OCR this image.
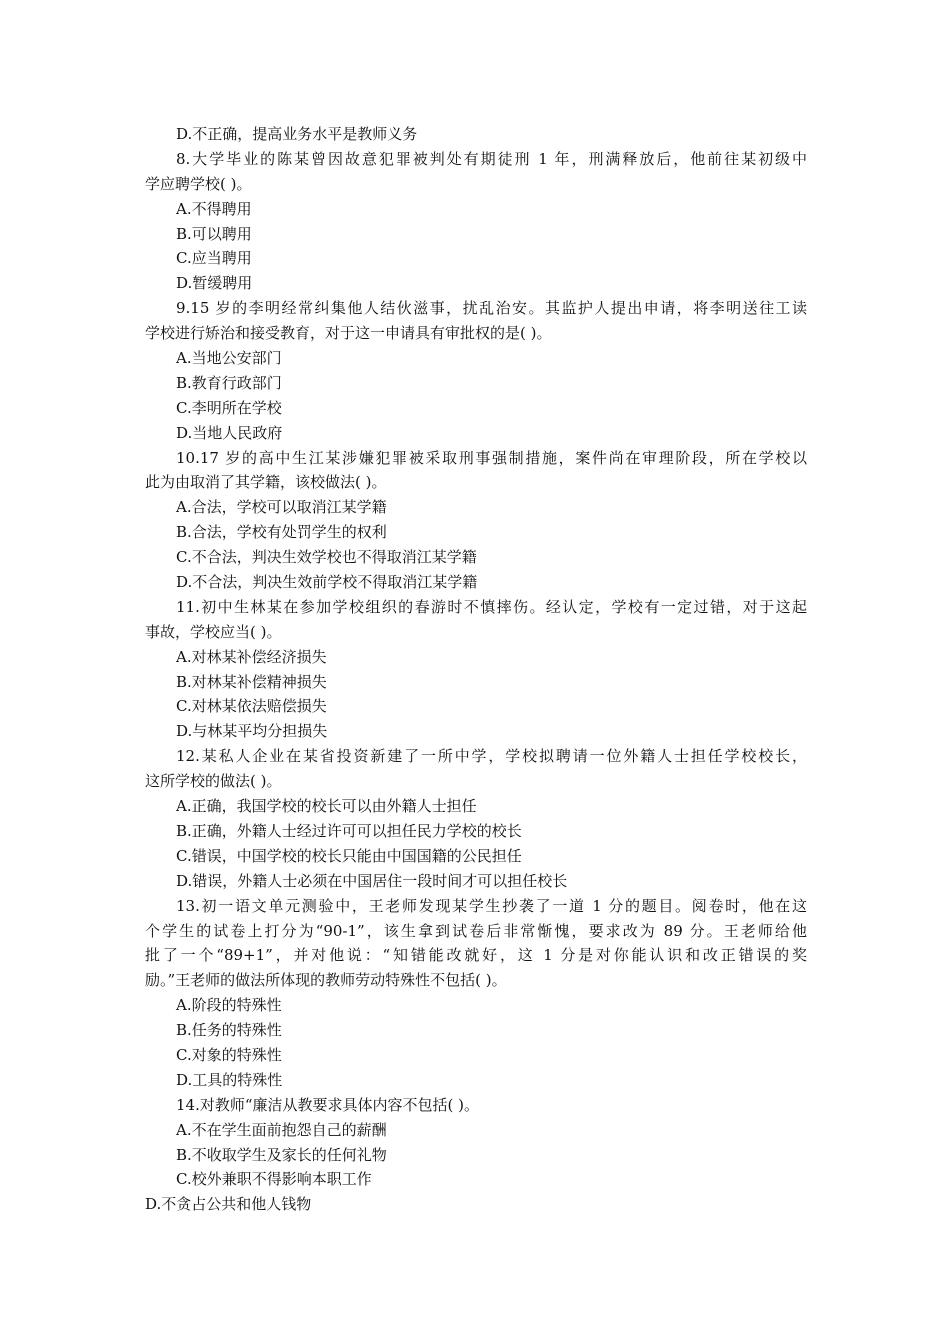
D.不正确，提高业务水平是教师义务
8.大学毕业的陈某曾因故意犯罪被判处有期徒刑 1 年，刑满释放后，他前往某初级中
学应聘学校( )。
A.不得聘用
B.可以聘用
C.应当聘用
D.暂缓聘用
9.15 岁的李明经常纠集他人结伙滋事，扰乱治安。其监护人提出申请，将李明送往工读
学校进行矫治和接受教育，对于这一申请具有审批权的是( )。
A.当地公安部门
B.教育行政部门
C.李明所在学校
D.当地人民政府
10.17 岁的高中生江某涉嫌犯罪被采取刑事强制措施，案件尚在审理阶段，所在学校以
此为由取消了其学籍，该校做法( )。
A.合法，学校可以取消江某学籍
B.合法，学校有处罚学生的权利
C.不合法，判决生效学校也不得取消江某学籍
D.不合法，判决生效前学校不得取消江某学籍
11.初中生林某在参加学校组织的春游时不慎摔伤。经认定，学校有一定过错，对于这起
事故，学校应当( )。
A.对林某补偿经济损失
B.对林某补偿精神损失
C.对林某依法赔偿损失
D.与林某平均分担损失
12.某私人企业在某省投资新建了一所中学，学校拟聘请一位外籍人士担任学校校长，
这所学校的做法( )。
A.正确，我国学校的校长可以由外籍人士担任
B.正确，外籍人士经过许可可以担任民力学校的校长
C.错误，中国学校的校长只能由中国国籍的公民担任
D.错误，外籍人士必须在中国居住一段时间才可以担任校长
13.初一语文单元测验中，王老师发现某学生抄袭了一道 1 分的题目。阅卷时，他在这
个学生的试卷上打分为“90-1”，该生拿到试卷后非常惭愧，要求改为 89 分。王老师给他
批了一个“89+1”，并对他说：“知错能改就好，这 1 分是对你能认识和改正错误的奖
励。”王老师的做法所体现的教师劳动特殊性不包括( )。
A.阶段的特殊性
B.任务的特殊性
C.对象的特殊性
D.工具的特殊性
14.对教师“廉洁从教要求具体内容不包括( )。
A.不在学生面前抱怨自己的薪酬
B.不收取学生及家长的任何礼物
C.校外兼职不得影响本职工作
D.不贪占公共和他人钱物
